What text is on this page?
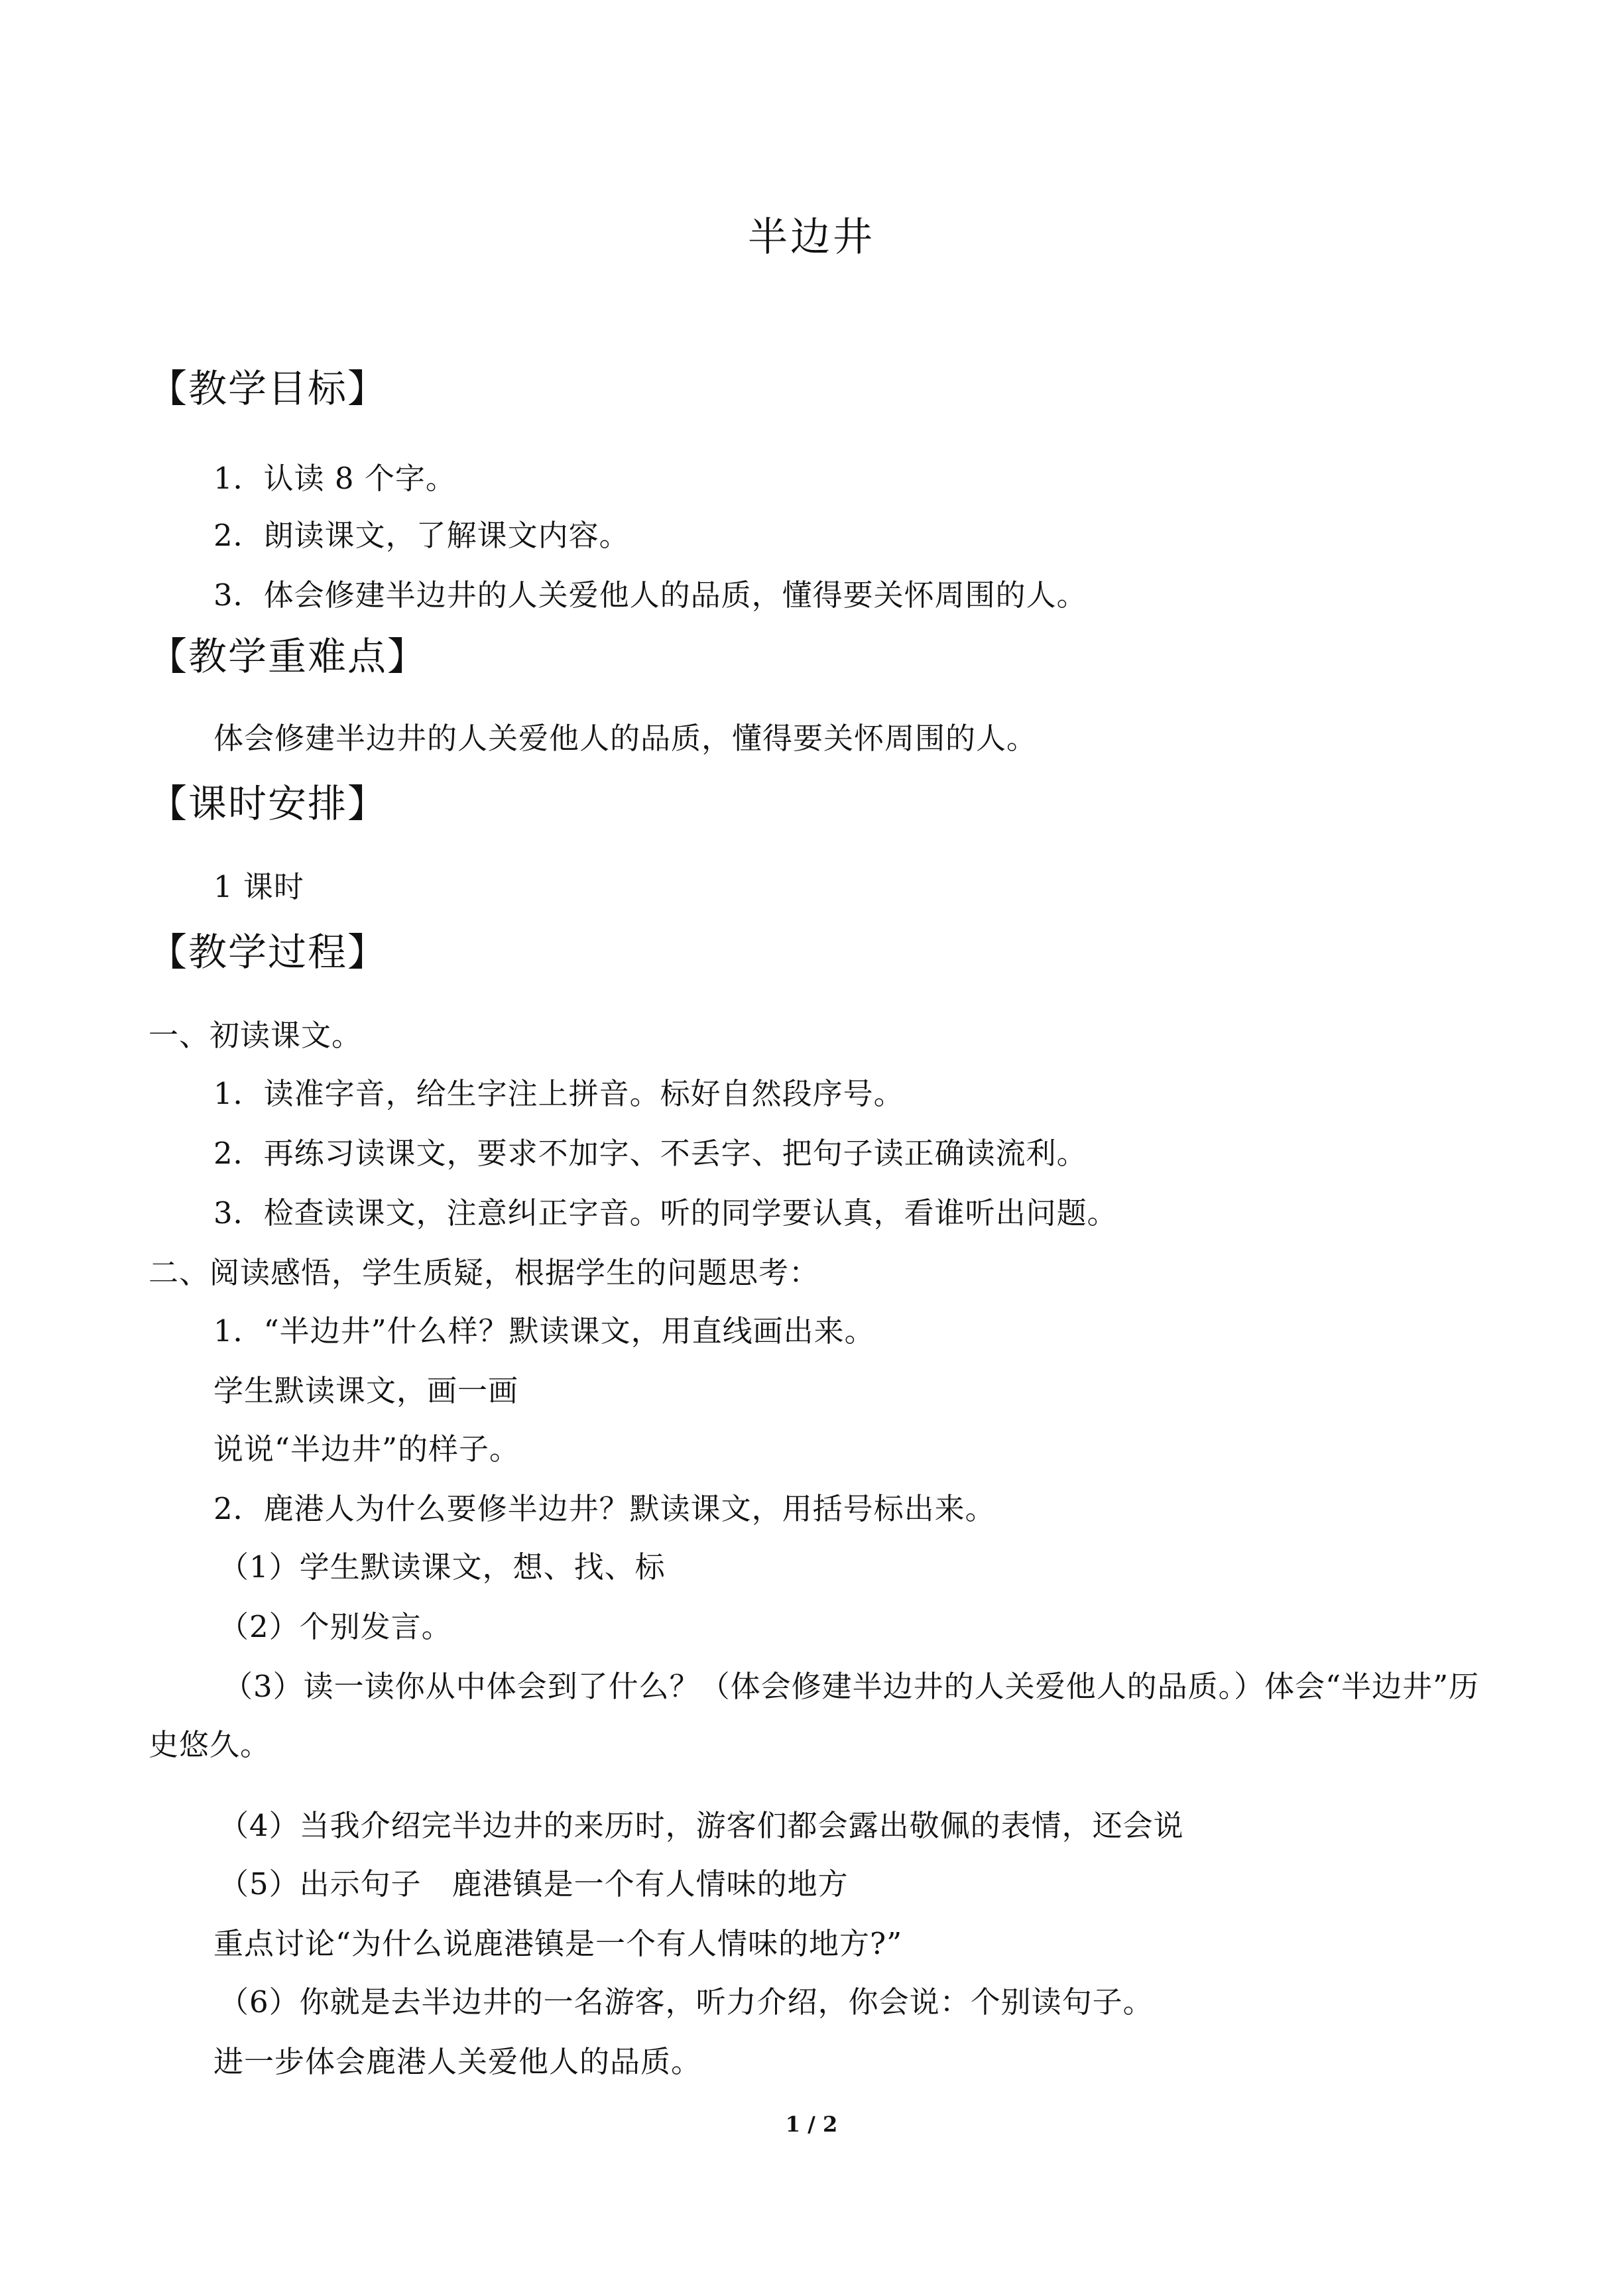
半边井
【教学目标】
1．认读 8 个字。
2．朗读课文，了解课文内容。
3．体会修建半边井的人关爱他人的品质，懂得要关怀周围的人。
【教学重难点】
体会修建半边井的人关爱他人的品质，懂得要关怀周围的人。
【课时安排】
1 课时
【教学过程】
一、初读课文。
1．读准字音，给生字注上拼音。标好自然段序号。
2．再练习读课文，要求不加字、不丢字、把句子读正确读流利。
3．检查读课文，注意纠正字音。听的同学要认真，看谁听出问题。
二、阅读感悟，学生质疑，根据学生的问题思考：
1．“半边井”什么样？默读课文，用直线画出来。
学生默读课文，画一画
说说“半边井”的样子。
2．鹿港人为什么要修半边井？默读课文，用括号标出来。
（1）学生默读课文，想、找、标
（2）个别发言。
（3）读一读你从中体会到了什么？（体会修建半边井的人关爱他人的品质。）体会“半边井”历史悠久。
（4）当我介绍完半边井的来历时，游客们都会露出敬佩的表情，还会说
（5）出示句子　鹿港镇是一个有人情味的地方
重点讨论“为什么说鹿港镇是一个有人情味的地方?”
（6）你就是去半边井的一名游客，听力介绍，你会说：个别读句子。
进一步体会鹿港人关爱他人的品质。
1 / 2
